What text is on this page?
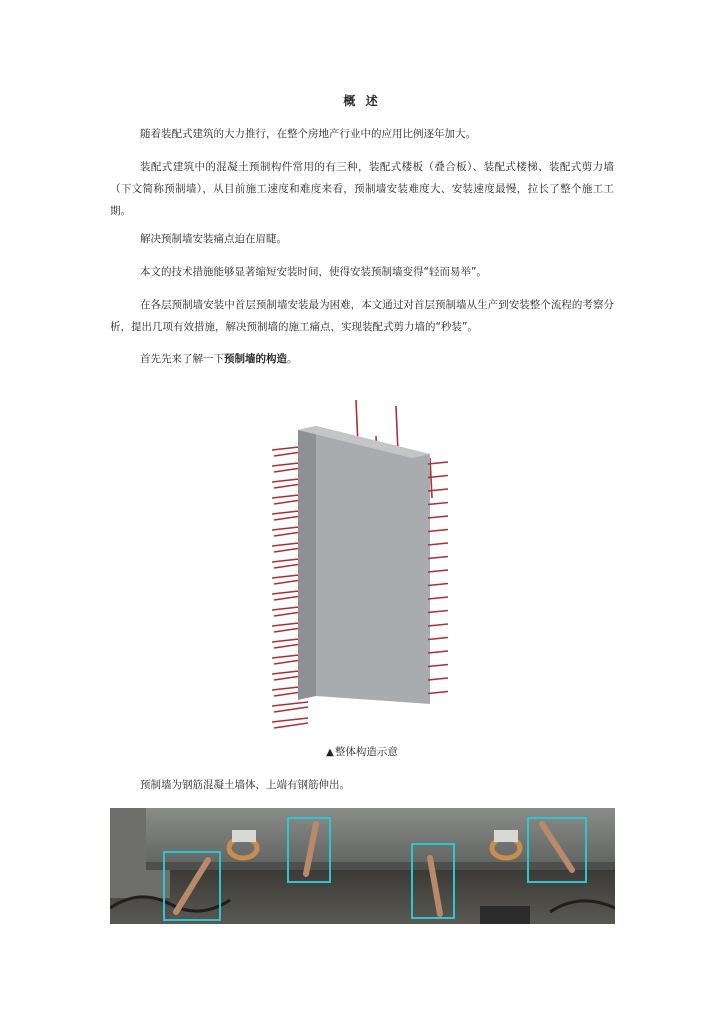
概 述

随着装配式建筑的大力推行，在整个房地产行业中的应用比例逐年加大。

装配式建筑中的混凝土预制构件常用的有三种，装配式楼板（叠合板）、装配式楼梯、装配式剪力墙（下文简称预制墙），从目前施工速度和难度来看，预制墙安装难度大、安装速度最慢，拉长了整个施工工期。

解决预制墙安装痛点迫在眉睫。

本文的技术措施能够显著缩短安装时间，使得安装预制墙变得“轻而易举”。

在各层预制墙安装中首层预制墙安装最为困难，本文通过对首层预制墙从生产到安装整个流程的考察分析，提出几项有效措施，解决预制墙的施工痛点，实现装配式剪力墙的“秒装”。

首先先来了解一下预制墙的构造。

▲整体构造示意

预制墙为钢筋混凝土墙体，上端有钢筋伸出。
